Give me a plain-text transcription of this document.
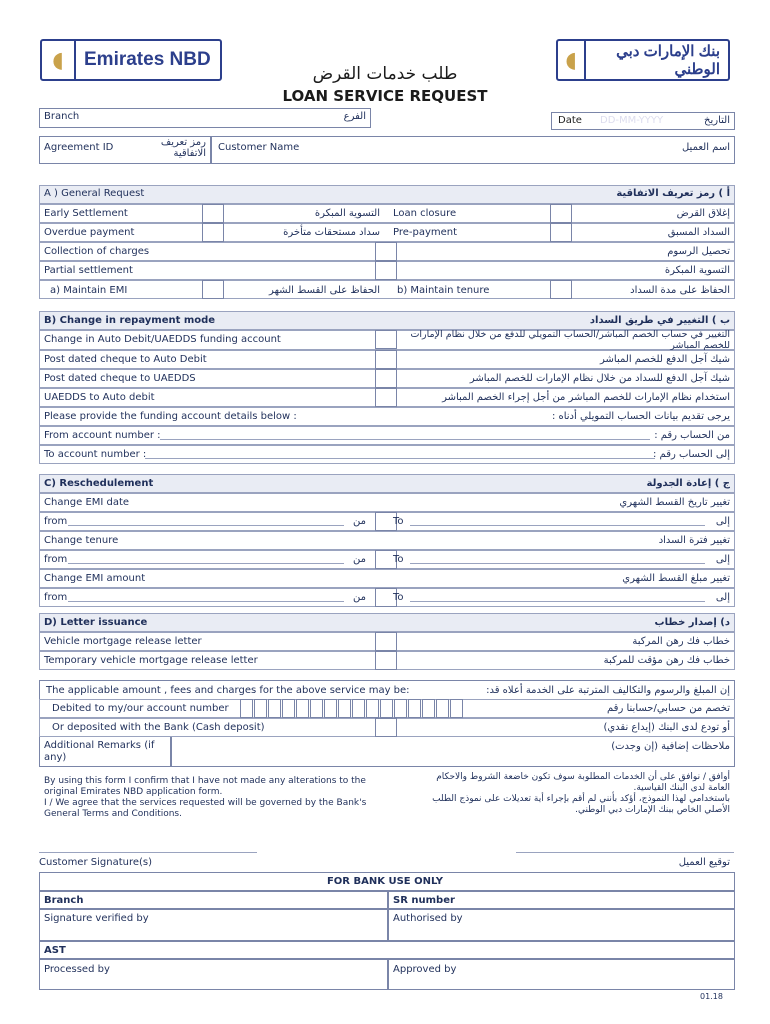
◖	Emirates NBD	◖	بنك الإمارات دبي الوطني
طلب خدمات القرض
LOAN SERVICE REQUEST
Branch	الفرع	Date DD-MM-YYYY	التاريخ
Agreement ID	رمز تعريف الاتفاقية
Customer Name	اسم العميل
A ) General Request	أ ) رمز تعريف الاتفاقية
Early Settlement	التسوية المبكرة Loan closure	إغلاق القرض
Overdue payment	سداد مستحقات متأخرة Pre-payment	السداد المسبق
Collection of charges	تحصيل الرسوم
Partial settlement	التسوية المبكرة
a) Maintain EMI	الحفاظ على القسط الشهر b) Maintain tenure	الحفاظ على مدة السداد
B) Change in repayment mode	ب ) التغيير في طريق السداد
Change in Auto Debit/UAEDDS funding account	التغيير في حساب الخصم المباشر/الحساب التمويلي للدفع من خلال نظام الإمارات للخصم المباشر
Post dated cheque to Auto Debit	شيك آجل الدفع للخصم المباشر
Post dated cheque to UAEDDS	شيك آجل الدفع للسداد من خلال نظام الإمارات للخصم المباشر
UAEDDS to Auto debit	استخدام نظام الإمارات للخصم المباشر من أجل إجراء الخصم المباشر
Please provide the funding account details below :	يرجى تقديم بيانات الحساب التمويلي أدناه :
From account number :	من الحساب رقم :
To account number :	إلى الحساب رقم :
C) Reschedulement	ج ) إعادة الجدولة
Change EMI date	تغيير تاريخ القسط الشهري
from	من	To	إلى
Change tenure	تغيير فترة السداد
from	من	To	إلى
Change EMI amount	تغيير مبلغ القسط الشهري
from	من	To	إلى
D) Letter issuance	د) إصدار خطاب
Vehicle mortgage release letter	خطاب فك رهن المركبة
Temporary vehicle mortgage release letter	خطاب فك رهن مؤقت للمركبة
The applicable amount , fees and charges for the above service may be:	إن المبلغ والرسوم والتكاليف المترتبة على الخدمة أعلاه قد:
Debited to my/our account number	تخصم من حسابي/حسابنا رقم
Or deposited with the Bank (Cash deposit)	أو تودع لدى البنك (إيداع نقدي)
Additional Remarks (if any)
ملاحظات إضافية (إن وجدت)
By using this form I confirm that I have not made any alterations to the
original Emirates NBD application form.
I / We agree that the services requested will be governed by the Bank's
General Terms and Conditions.
أوافق / نوافق على أن الخدمات المطلوبة سوف تكون خاضعة الشروط والاحكام
العامة لدى البنك القياسية.
باستخدامي لهذا النموذج، أؤكد بأنني لم أقم بإجراء أية تعديلات على نموذج الطلب
الأصلي الخاص ببنك الإمارات دبي الوطني.
Customer Signature(s)	توقيع العميل
FOR BANK USE ONLY
Branch	SR number
Signature verified by	Authorised by
AST
Processed by	Approved by
01.18
